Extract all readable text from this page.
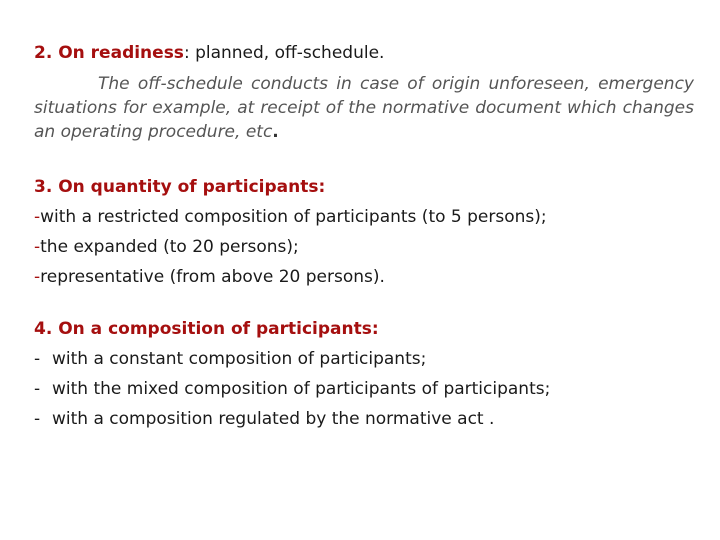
2. On readiness: planned, off-schedule.
The off-schedule conducts in case of origin unforeseen, emergency situations for example, at receipt of the normative document which changes an operating procedure, etc.
3. On quantity of participants:
-with a restricted composition of participants (to 5 persons);
-the expanded (to 20 persons);
-representative (from above 20 persons).
4. On a composition of participants:
- with a constant composition of participants;
- with the mixed composition of participants of participants;
- with a composition regulated by the normative act .
